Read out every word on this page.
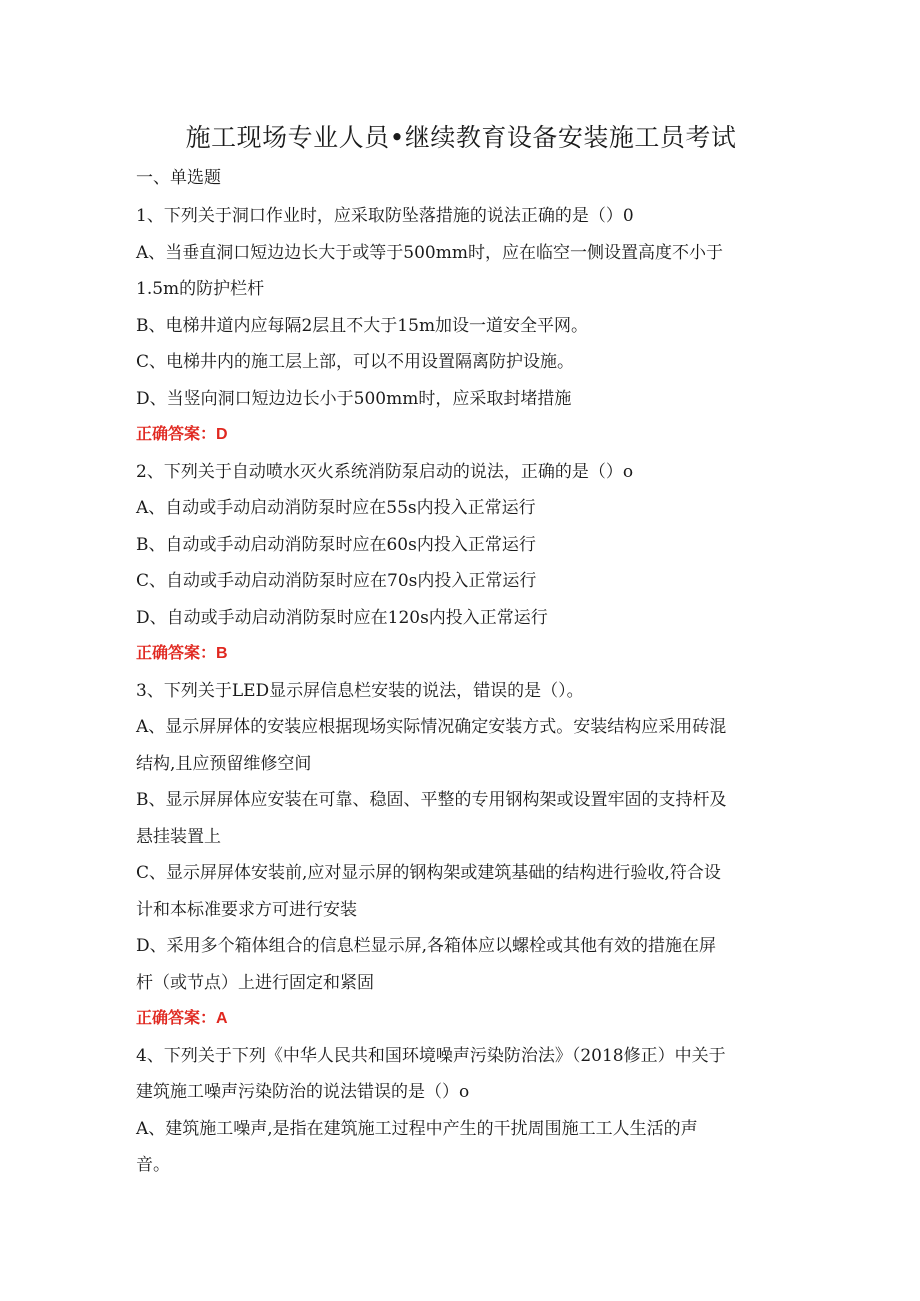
施工现场专业人员•继续教育设备安装施工员考试
一、单选题
1、下列关于洞口作业时，应采取防坠落措施的说法正确的是（）0
A、当垂直洞口短边边长大于或等于500mm时，应在临空一侧设置高度不小于
1.5m的防护栏杆
B、电梯井道内应每隔2层且不大于15m加设一道安全平网。
C、电梯井内的施工层上部，可以不用设置隔离防护设施。
D、当竖向洞口短边边长小于500mm时，应采取封堵措施
正确答案：D
2、下列关于自动喷水灭火系统消防泵启动的说法，正确的是（）o
A、自动或手动启动消防泵时应在55s内投入正常运行
B、自动或手动启动消防泵时应在60s内投入正常运行
C、自动或手动启动消防泵时应在70s内投入正常运行
D、自动或手动启动消防泵时应在120s内投入正常运行
正确答案：B
3、下列关于LED显示屏信息栏安装的说法，错误的是（）。
A、显示屏屏体的安装应根据现场实际情况确定安装方式。安装结构应采用砖混
结构,且应预留维修空间
B、显示屏屏体应安装在可靠、稳固、平整的专用钢构架或设置牢固的支持杆及
悬挂装置上
C、显示屏屏体安装前,应对显示屏的钢构架或建筑基础的结构进行验收,符合设
计和本标准要求方可进行安装
D、采用多个箱体组合的信息栏显示屏,各箱体应以螺栓或其他有效的措施在屏
杆（或节点）上进行固定和紧固
正确答案：A
4、下列关于下列《中华人民共和国环境噪声污染防治法》（2018修正）中关于
建筑施工噪声污染防治的说法错误的是（）o
A、建筑施工噪声,是指在建筑施工过程中产生的干扰周围施工工人生活的声
音。
